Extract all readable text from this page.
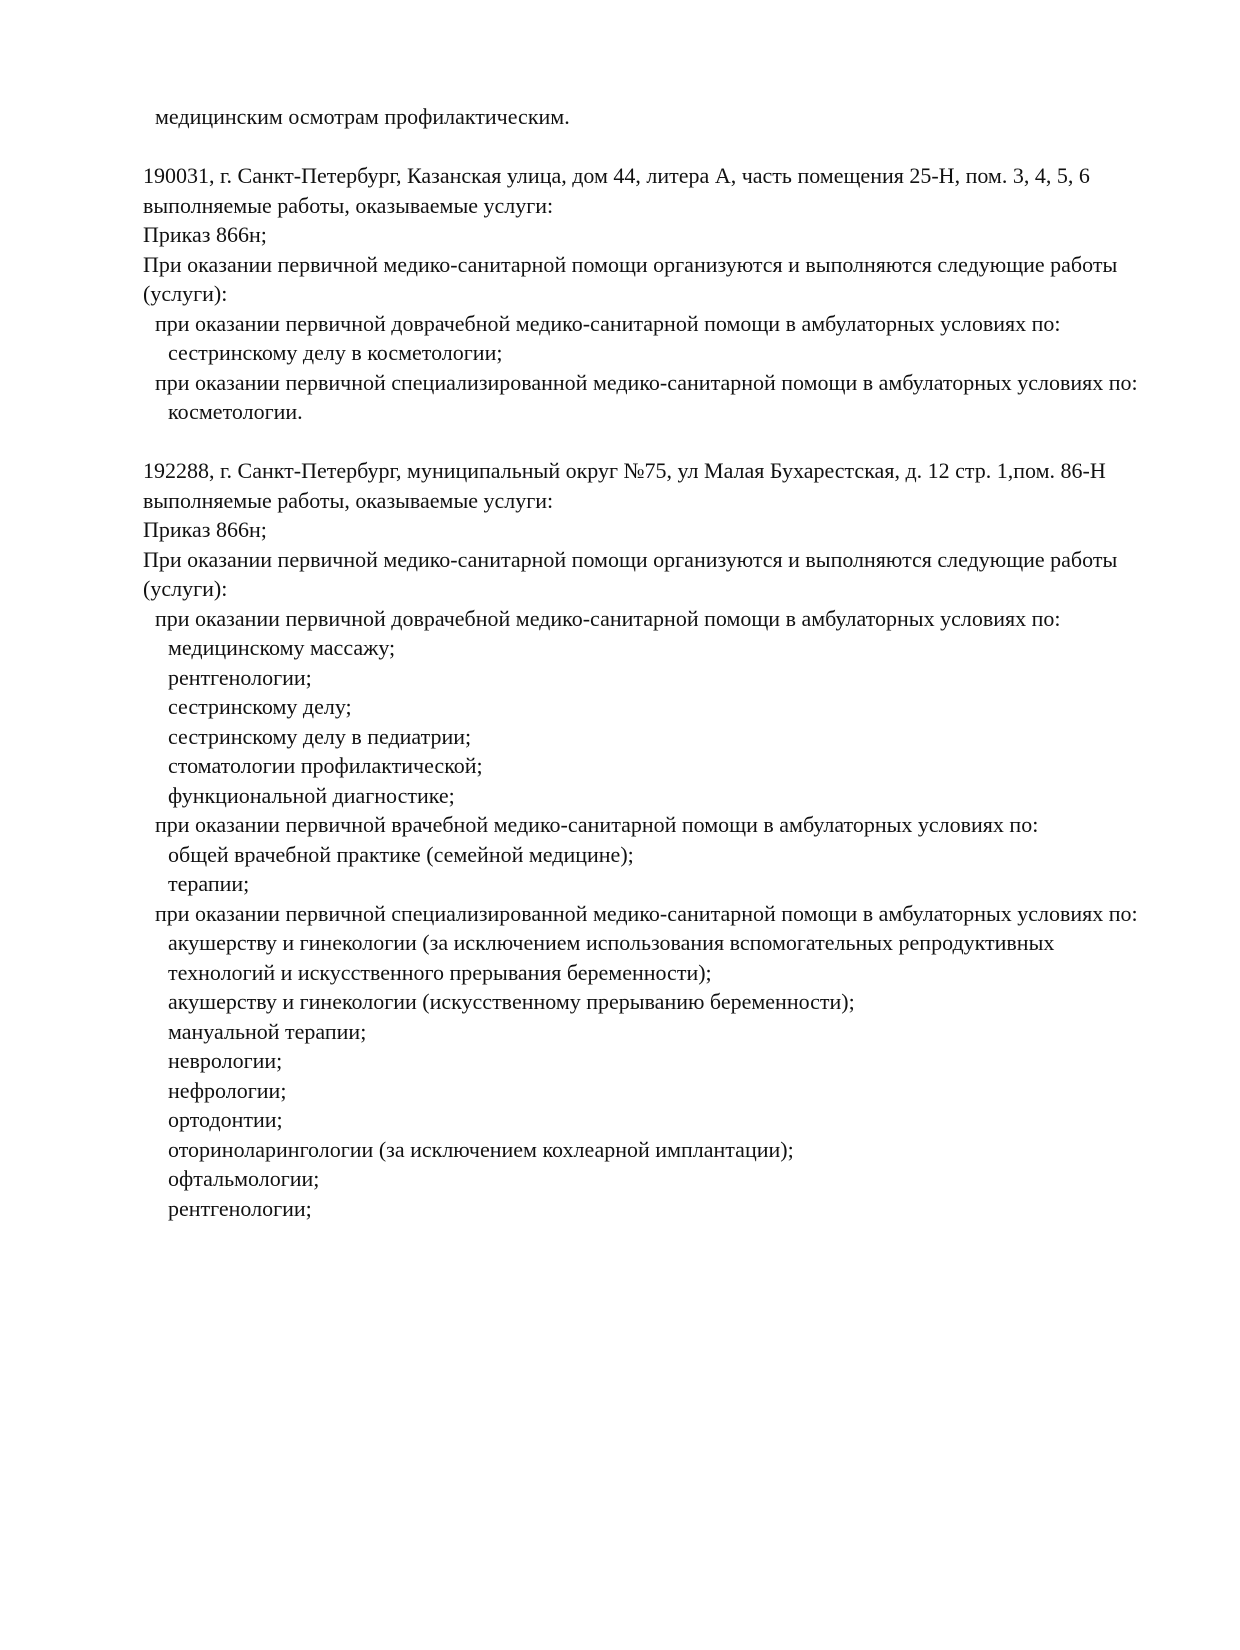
медицинским осмотрам профилактическим.
190031, г. Санкт-Петербург, Казанская улица, дом 44, литера А, часть помещения 25-Н, пом. 3, 4, 5, 6
выполняемые работы, оказываемые услуги:
Приказ 866н;
При оказании первичной медико-санитарной помощи организуются и выполняются следующие работы (услуги):
при оказании первичной доврачебной медико-санитарной помощи в амбулаторных условиях по:
сестринскому делу в косметологии;
при оказании первичной специализированной медико-санитарной помощи в амбулаторных условиях по:
косметологии.
192288, г. Санкт-Петербург, муниципальный округ №75, ул Малая Бухарестская, д. 12 стр. 1,пом. 86-Н
выполняемые работы, оказываемые услуги:
Приказ 866н;
При оказании первичной медико-санитарной помощи организуются и выполняются следующие работы (услуги):
при оказании первичной доврачебной медико-санитарной помощи в амбулаторных условиях по:
медицинскому массажу;
рентгенологии;
сестринскому делу;
сестринскому делу в педиатрии;
стоматологии профилактической;
функциональной диагностике;
при оказании первичной врачебной медико-санитарной помощи в амбулаторных условиях по:
общей врачебной практике (семейной медицине);
терапии;
при оказании первичной специализированной медико-санитарной помощи в амбулаторных условиях по:
акушерству и гинекологии (за исключением использования вспомогательных репродуктивных технологий и искусственного прерывания беременности);
акушерству и гинекологии (искусственному прерыванию беременности);
мануальной терапии;
неврологии;
нефрологии;
ортодонтии;
оториноларингологии (за исключением кохлеарной имплантации);
офтальмологии;
рентгенологии;
